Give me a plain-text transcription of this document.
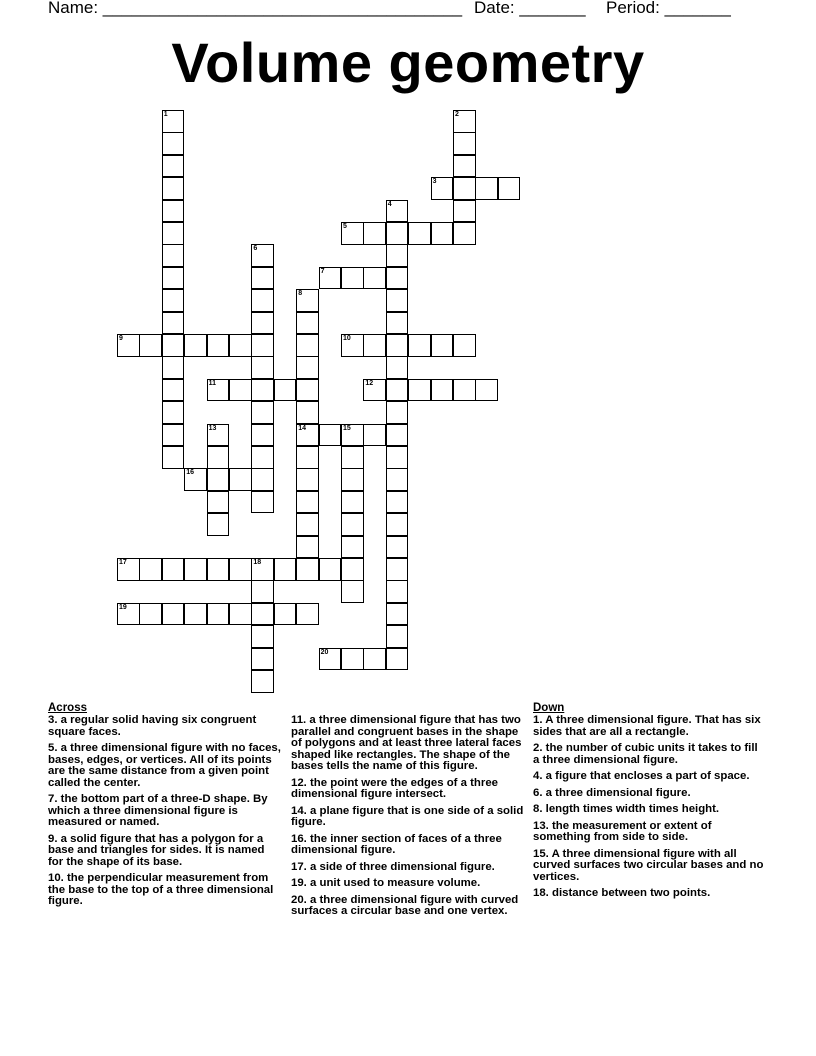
Name: ______________________________________ Date: _______ Period: _______
Volume geometry
1	2
3
4
5
6
7
8
14
9	10
11	12
13	15
16
17	18
19
20
Across
3. a regular solid having six congruent square faces.
5. a three dimensional figure with no faces, bases, edges, or vertices. All of its points are the same distance from a given point called the center.
7. the bottom part of a three-D shape. By which a three dimensional figure is measured or named.
9. a solid figure that has a polygon for a base and triangles for sides. It is named for the shape of its base.
10. the perpendicular measurement from the base to the top of a three dimensional figure.
11. a three dimensional figure that has two parallel and congruent bases in the shape of polygons and at least three lateral faces shaped like rectangles. The shape of the bases tells the name of this figure.
12. the point were the edges of a three dimensional figure intersect.
14. a plane figure that is one side of a solid figure.
16. the inner section of faces of a three dimensional figure.
17. a side of three dimensional figure.
19. a unit used to measure volume.
20. a three dimensional figure with curved surfaces a circular base and one vertex.
Down
1. A three dimensional figure. That has six sides that are all a rectangle.
2. the number of cubic units it takes to fill a three dimensional figure.
4. a figure that encloses a part of space.
6. a three dimensional figure.
8. length times width times height.
13. the measurement or extent of something from side to side.
15. A three dimensional figure with all curved surfaces two circular bases and no vertices.
18. distance between two points.
